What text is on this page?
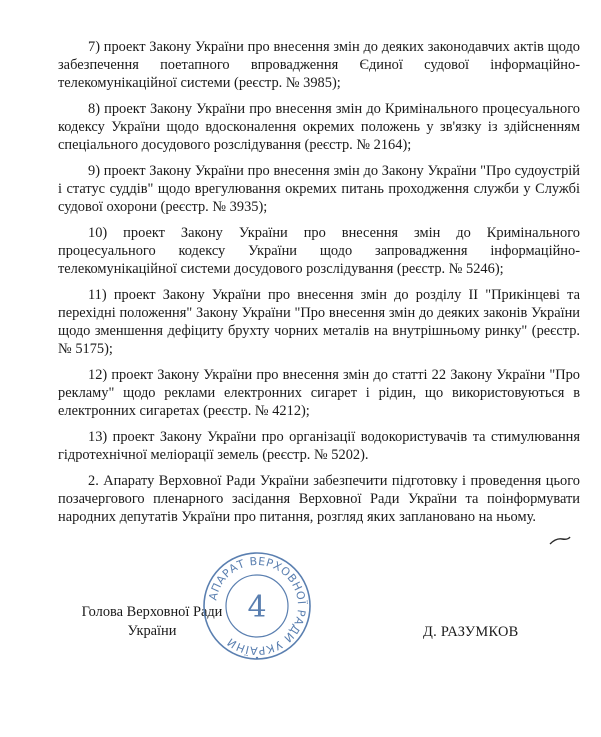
7) проект Закону України про внесення змін до деяких законодавчих актів щодо забезпечення поетапного впровадження Єдиної судової інформаційно-телекомунікаційної системи (реєстр. № 3985);

8) проект Закону України про внесення змін до Кримінального процесуального кодексу України щодо вдосконалення окремих положень у зв'язку із здійсненням спеціального досудового розслідування (реєстр. № 2164);

9) проект Закону України про внесення змін до Закону України "Про судоустрій і статус суддів" щодо врегулювання окремих питань проходження служби у Службі судової охорони (реєстр. № 3935);

10) проект Закону України про внесення змін до Кримінального процесуального кодексу України щодо запровадження інформаційно-телекомунікаційної системи досудового розслідування (реєстр. № 5246);

11) проект Закону України про внесення змін до розділу II "Прикінцеві та перехідні положення" Закону України "Про внесення змін до деяких законів України щодо зменшення дефіциту брухту чорних металів на внутрішньому ринку" (реєстр. № 5175);

12) проект Закону України про внесення змін до статті 22 Закону України "Про рекламу" щодо реклами електронних сигарет і рідин, що використовуються в електронних сигаретах (реєстр. № 4212);

13) проект Закону України про організації водокористувачів та стимулювання гідротехнічної меліорації земель (реєстр. № 5202).

2. Апарату Верховної Ради України забезпечити підготовку і проведення цього позачергового пленарного засідання Верховної Ради України та поінформувати народних депутатів України про питання, розгляд яких заплановано на ньому.

Голова Верховної Ради
України
АПАРАТ ВЕРХОВНОЇ РАДИ УКРАЇНИ
4
Д. РАЗУМКОВ
